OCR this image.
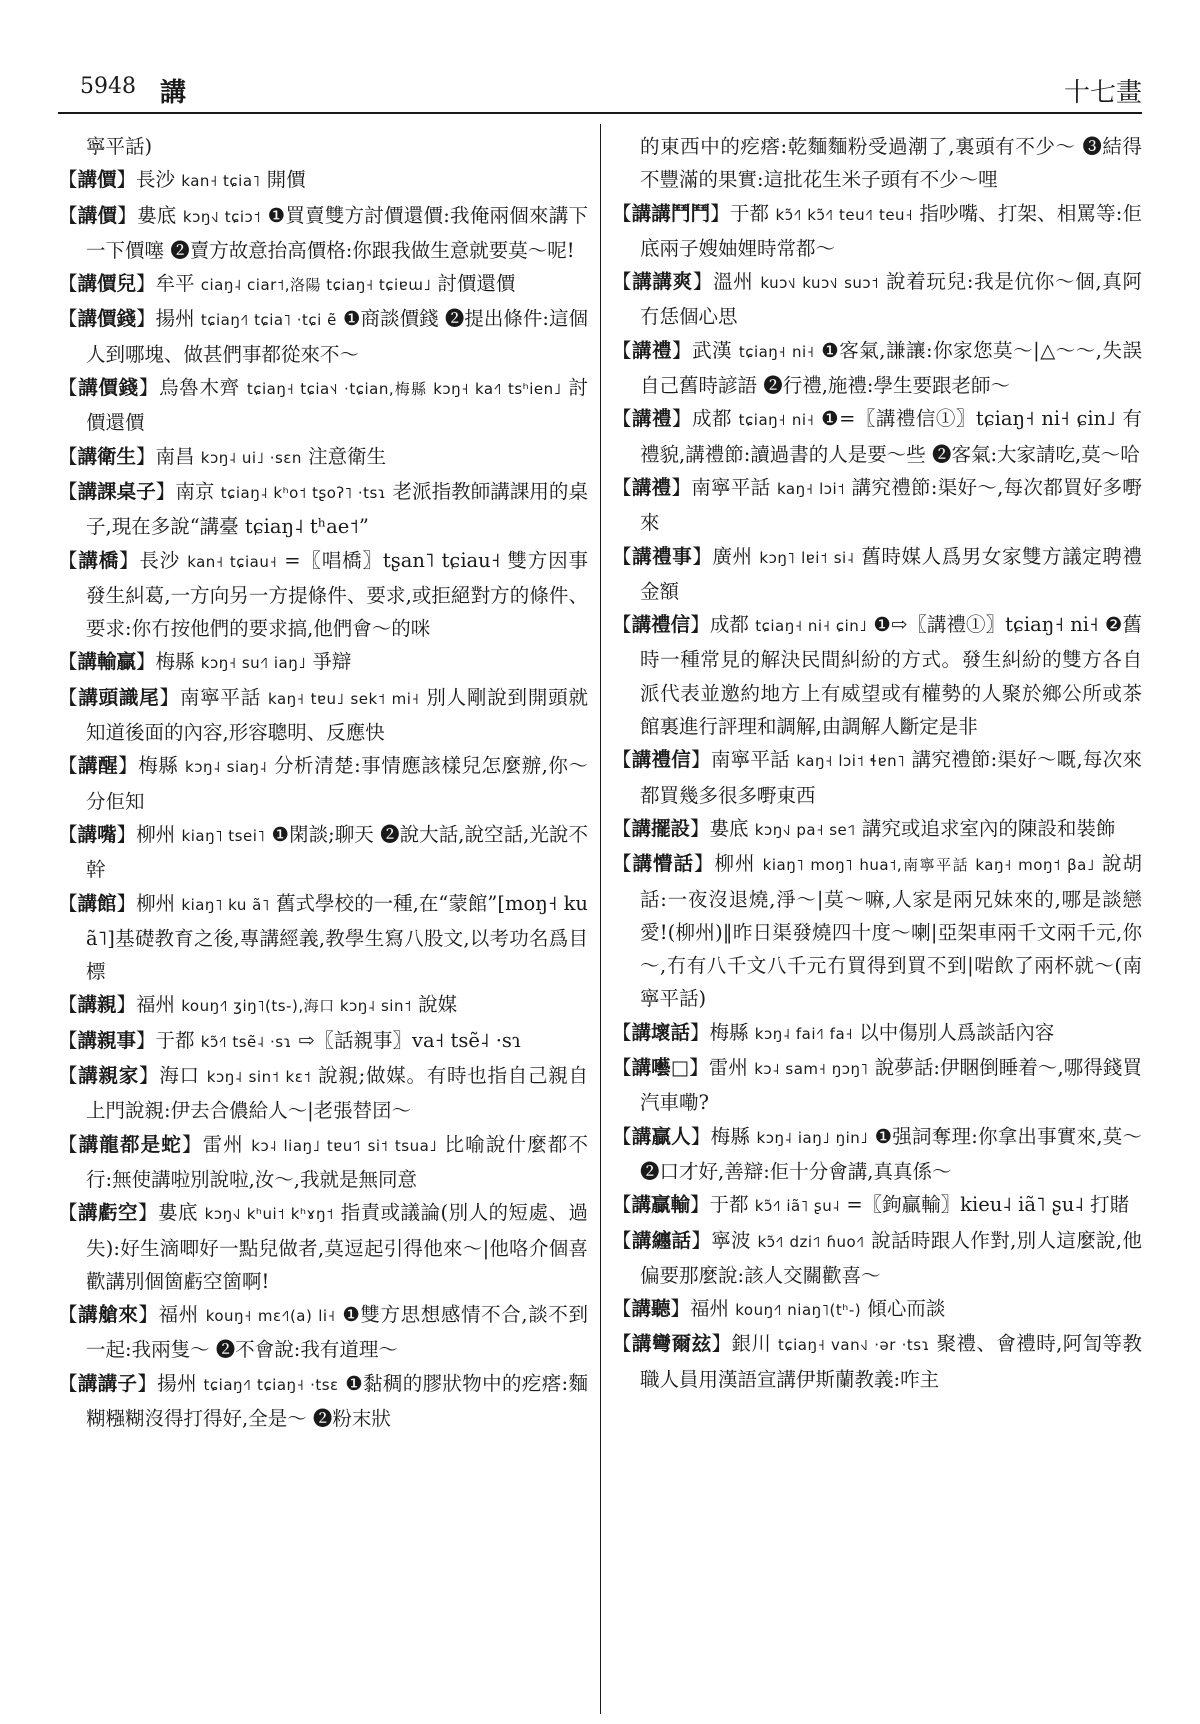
5948 講	十七畫
寧平話)
【 講價 】 長沙 kan˧ tɕia˥ 開價
【 講價 】 婁底 kɔŋ˧˩ tɕiɔ˦ ❶買賣雙方討價還價:我俺兩個來講下一下價噻 ❷賣方故意抬高價格:你跟我做生意就要莫～呢!
【 講價兒 】 牟平 ciaŋ˨ ciar˦,洛陽 tɕiaŋ˧ tɕiɐɯ˩ 討價還價
【 講價錢 】 揚州 tɕiaŋ˧˥ tɕia˥ ·tɕi ẽ ❶商談價錢 ❷提出條件:這個人到哪塊、做甚們事都從來不～
【 講價錢 】 烏魯木齊 tɕiaŋ˧ tɕia˦˨ ·tɕian,梅縣 kɔŋ˧ ka˧˥ tsʰien˩ 討價還價
【 講衛生 】 南昌 kɔŋ˨ ui˩ ·sɛn 注意衛生
【 講課桌子 】 南京 tɕiaŋ˨ kʰo˦ tʂoʔ˥ ·tsɿ 老派指教師講課用的桌子,現在多說“講臺 tɕiaŋ˨ tʰae˦”
【 講橋 】 長沙 kan˧ tɕiau˧ =〖唱橋〗tʂan˥ tɕiau˧ 雙方因事發生糾葛,一方向另一方提條件、要求,或拒絕對方的條件、要求:你冇按他們的要求搞,他們會～的咪
【 講輸贏 】 梅縣 kɔŋ˧ su˧˥ iaŋ˩ 爭辯
【 講頭識尾 】 南寧平話 kaŋ˧ tɐu˩ sek˦ mi˧ 別人剛說到開頭就知道後面的內容,形容聰明、反應快
【 講醒 】 梅縣 kɔŋ˨ siaŋ˨ 分析清楚:事情應該樣兒怎麼辦,你～分佢知
【 講嘴 】 柳州 kiaŋ˥ tsei˥ ❶閑談;聊天 ❷說大話,說空話,光說不幹
【 講館 】 柳州 kiaŋ˥ ku ã˥ 舊式學校的一種,在“蒙館”[moŋ˧ ku ã˥]基礎教育之後,專講經義,教學生寫八股文,以考功名爲目標
【 講親 】 福州 kouŋ˧˥ ʒiŋ˥(ts-),海口 kɔŋ˨ sin˦ 說媒
【 講親事 】 于都 kɔ̃˧˥ tsẽ˨ ·sɿ ⇨〖話親事〗va˧ tsẽ˨ ·sɿ
【 講親家 】 海口 kɔŋ˨ sin˦ kɛ˦ 說親;做媒。有時也指自己親自上門說親:伊去合儂給人～|老張替囝～
【 講龍都是蛇 】 雷州 kɔ˨ liaŋ˩ tɐu˦˥ si˦ tsua˩ 比喻說什麼都不行:無使講啦別說啦,汝～,我就是無同意
【 講虧空 】 婁底 kɔŋ˧˩ kʰui˦ kʰɤŋ˦ 指責或議論(別人的短處、過失):好生滴唧好一點兒做者,莫逗起引得他來～|他咯介個喜歡講別個箇虧空箇啊!
【 講艙來 】 福州 kouŋ˧ mɛ˧˥(a) li˧ ❶雙方思想感情不合,談不到一起:我兩隻～ ❷不會說:我有道理～
【 講講子 】 揚州 tɕiaŋ˧˥ tɕiaŋ˧ ·tsɛ ❶黏稠的膠狀物中的疙瘩:麵糊糨糊沒得打得好,全是～ ❷粉末狀
的東西中的疙瘩:乾麵麵粉受過潮了,裏頭有不少～ ❸結得不豐滿的果實:這批花生米子頭有不少～哩
【 講講鬥鬥 】 于都 kɔ̃˧˥ kɔ̃˧˥ teu˧˥ teu˧ 指吵嘴、打架、相罵等:佢底兩子嫂妯娌時常都～
【 講講爽 】 溫州 kuɔ˦˩ kuɔ˦˩ suɔ˦ 說着玩兒:我是伉你～個,真阿冇恁個心思
【 講禮 】 武漢 tɕiaŋ˧ ni˧ ❶客氣,謙讓:你家您莫～|△～～,失誤自己舊時諺語 ❷行禮,施禮:學生要跟老師～
【 講禮 】 成都 tɕiaŋ˧ ni˧ ❶=〖講禮信①〗tɕiaŋ˧ ni˧ ɕin˩ 有禮貌,講禮節:讀過書的人是要～些 ❷客氣:大家請吃,莫～哈
【 講禮 】 南寧平話 kaŋ˧ lɔi˦ 講究禮節:渠好～,每次都買好多嘢來
【 講禮事 】 廣州 kɔŋ˥ lɐi˦ si˨ 舊時媒人爲男女家雙方議定聘禮金額
【 講禮信 】 成都 tɕiaŋ˧ ni˧ ɕin˩ ❶⇨〖講禮①〗tɕiaŋ˧ ni˧ ❷舊時一種常見的解決民間糾紛的方式。發生糾紛的雙方各自派代表並邀約地方上有威望或有權勢的人聚於鄉公所或茶館裏進行評理和調解,由調解人斷定是非
【 講禮信 】 南寧平話 kaŋ˧ lɔi˦ ɬɐn˥ 講究禮節:渠好～嘅,每次來都買幾多很多嘢東西
【 講擺設 】 婁底 kɔŋ˧˩ pa˧ se˦˥ 講究或追求室內的陳設和裝飾
【 講懵話 】 柳州 kiaŋ˥ moŋ˥ hua˦,南寧平話 kaŋ˧ moŋ˦ βa˩ 說胡話:一夜沒退燒,淨～|莫～嘛,人家是兩兄妹來的,哪是談戀愛!(柳州)‖昨日渠發燒四十度～喇|亞架車兩千文兩千元,你～,冇有八千文八千元冇買得到買不到|啱飲了兩杯就～(南寧平話)
【 講壞話 】 梅縣 kɔŋ˨ fai˧˥ fa˧ 以中傷別人爲談話內容
【 講囈□ 】 雷州 kɔ˨ sam˧ ŋɔŋ˥ 說夢話:伊睏倒睡着～,哪得錢買汽車嘞?
【 講贏人 】 梅縣 kɔŋ˨ iaŋ˩ ŋin˩ ❶强詞奪理:你拿出事實來,莫～ ❷口才好,善辯:佢十分會講,真真係～
【 講贏輸 】 于都 kɔ̃˧˥ iã˥ ʂu˨ =〖鉤贏輸〗kieu˨ iã˥ ʂu˨ 打賭
【 講纏話 】 寧波 kɔ̃˧˥ dzi˦˥ ɦuo˧˥ 說話時跟人作對,別人這麼說,他偏要那麼說:該人交關歡喜～
【 講聽 】 福州 kouŋ˧˥ niaŋ˥(tʰ-) 傾心而談
【 講彎爾玆 】 銀川 tɕiaŋ˧ van˧˩ ·ər ·tsɿ 聚禮、會禮時,阿訇等教職人員用漢語宣講伊斯蘭教義:咋主
